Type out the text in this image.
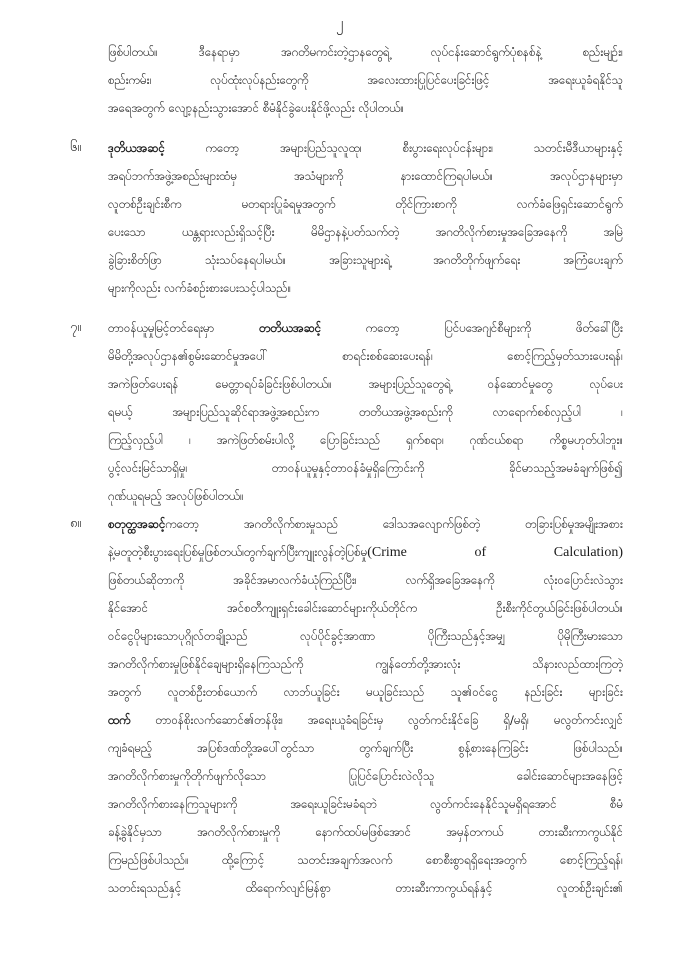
၂
ဖြစ်ပါတယ်။ ဒီနေရာမှာ အဂတိမကင်းတဲ့ဌာနတွေရဲ့ လုပ်ငန်းဆောင်ရွက်ပုံစနစ်နဲ့ စည်းမျဉ်း၊
စည်းကမ်း၊ လုပ်ထုံးလုပ်နည်းတွေကို အလေးထားပြုပြင်ပေးခြင်းဖြင့် အရေးယူခံရနိုင်သူ
အရေအတွက် လျော့နည်းသွားအောင် စီမံနိုင်ခွဲပေးနိုင်ဖို့လည်း လိုပါတယ်။
၆။ ဒုတိယအဆင့် ကတော့ အများပြည်သူလူထု၊ စီးပွားရေးလုပ်ငန်းများ၊ သတင်းမီဒီယာများနှင့်
အရပ်ဘက်အဖွဲ့အစည်းများထံမှ အသံများကို နားထောင်ကြရပါမယ်။ အလုပ်ဌာနများမှာ
လူတစ်ဦးချင်းစီက မတရားပြုခံရမှုအတွက် တိုင်ကြားစာကို လက်ခံဖြေရှင်းဆောင်ရွက်
ပေးသော ယန္တရားလည်းရှိသင့်ပြီး မိမိဌာနနဲ့ပတ်သက်တဲ့ အဂတိလိုက်စားမှုအခြေအနေကို အမြဲ
ခွဲခြားစိတ်ဖြာ သုံးသပ်နေရပါမယ်။ အခြားသူများရဲ့ အဂတိတိုက်ဖျက်ရေး အကြံပေးချက်
များကိုလည်း လက်ခံစဉ်းစားပေးသင့်ပါသည်။
၇။ တာဝန်ယူမှုမြင့်တင်ရေးမှာ တတိယအဆင့် ကတော့ ပြင်ပအေဂျင်စီများကို ဖိတ်ခေါ်ပြီး
မိမိတို့အလုပ်ဌာန၏စွမ်းဆောင်မှုအပေါ် စာရင်းစစ်ဆေးပေးရန်၊ စောင့်ကြည့်မှတ်သားပေးရန်၊
အကဲဖြတ်ပေးရန် မေတ္တာရပ်ခံခြင်းဖြစ်ပါတယ်။ အများပြည်သူတွေရဲ့ ဝန်ဆောင်မှုတွေ လုပ်ပေး
ရမယ့် အများပြည်သူဆိုင်ရာအဖွဲ့အစည်းက တတိယအဖွဲ့အစည်းကို လာရောက်စစ်လှည့်ပါ ၊
ကြည့်လှည့်ပါ ၊ အကဲဖြတ်စမ်းပါလို့ ပြောခြင်းသည် ရှက်စရာ၊ ဂုဏ်ငယ်စရာ ကိစ္စမဟုတ်ပါဘူး။
ပွင့်လင်းမြင်သာရှိမှု၊ တာဝန်ယူမှုနှင့်တာဝန်ခံမှုရှိကြောင်းကို ခိုင်မာသည့်အမခံချက်ဖြစ်၍
ဂုဏ်ယူရမည့် အလုပ်ဖြစ်ပါတယ်။
၈။ စတုတ္ထအဆင့်ကတော့ အဂတိလိုက်စားမှုသည် ဒေါသအလျောက်ဖြစ်တဲ့ တခြားပြစ်မှုအမျိုးအစား
နဲ့မတူတဲ့စီးပွားရေးပြစ်မှုဖြစ်တယ်၊တွက်ချက်ပြီးကျူးလွန်တဲ့ပြစ်မှု(Crime of Calculation)
ဖြစ်တယ်ဆိုတာကို အခိုင်အမာလက်ခံယုံကြည်ပြီး၊ လက်ရှိအခြေအနေကို လုံးဝပြောင်းလဲသွား
နိုင်အောင် အင်စတီကျူးရှင်းခေါင်းဆောင်များကိုယ်တိုင်က ဦးစီးကိုင်တွယ်ခြင်းဖြစ်ပါတယ်။
ဝင်ငွေပိုများသောပုဂ္ဂိုလ်တချို့သည် လုပ်ပိုင်ခွင့်အာဏာ ပိုကြီးသည်နှင့်အမျှ ပိုမိုကြီးမားသော
အဂတိလိုက်စားမှုဖြစ်နိုင်ချေများရှိနေကြသည်ကို ကျွန်တော်တို့အားလုံး သိနားလည်ထားကြတဲ့
အတွက် လူတစ်ဦးတစ်ယောက် လာဘ်ယူခြင်း မယူခြင်းသည် သူ၏ဝင်ငွေ နည်းခြင်း များခြင်း
ထက် တာ၀န်စိုးလက်ဆောင်၏တန်ဖိုး၊ အရေးယူခံရခြင်းမှ လွတ်ကင်းနိုင်ခြေ ရှိ/မရှိ၊ မလွတ်ကင်းလျှင်
ကျခံရမည့် အပြစ်ဒဏ်တို့အပေါ်တွင်သာ တွက်ချက်ပြီး စွန့်စားနေကြခြင်း ဖြစ်ပါသည်။
အဂတိလိုက်စားမှုကိုတိုက်ဖျက်လိုသော ပြုပြင်ပြောင်းလဲလိုသူ ခေါင်းဆောင်များအနေဖြင့်
အဂတိလိုက်စားနေကြသူများကို အရေးယူခြင်းမခံရဘဲ လွတ်ကင်းနေနိုင်သူမရှိရအောင် စီမံ
ခန့်ခွဲနိုင်မှသာ အဂတိလိုက်စားမှုကို နောက်ထပ်မဖြစ်အောင် အမှန်တကယ် တားဆီးကာကွယ်နိုင်
ကြမည်ဖြစ်ပါသည်။ ထို့ကြောင့် သတင်းအချက်အလက် စောစီးစွာရရှိရေးအတွက် စောင့်ကြည့်ရန်၊
သတင်းရသည်နှင့် ထိရောက်လျင်မြန်စွာ တားဆီးကာကွယ်ရန်နှင့် လူတစ်ဦးချင်း၏
